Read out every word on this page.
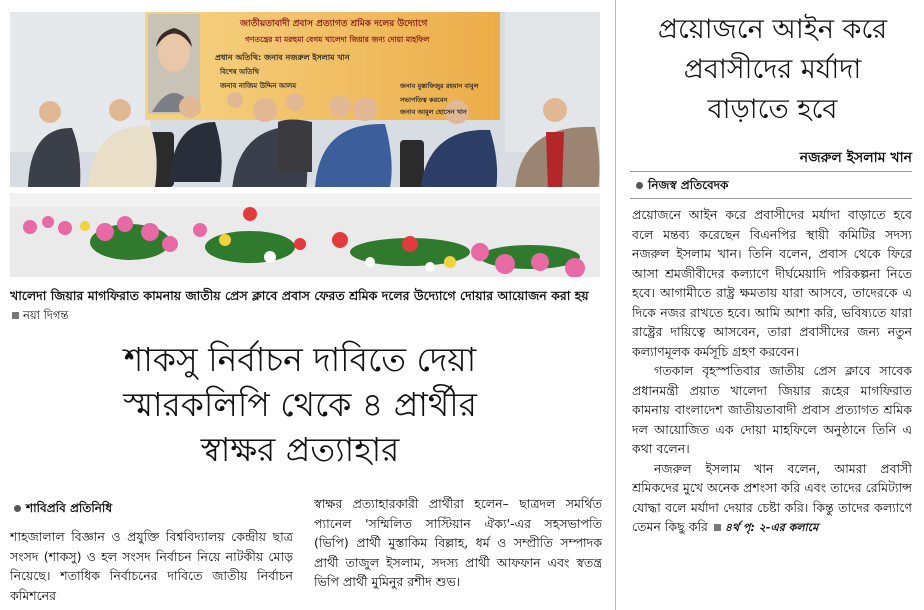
জাতীয়তাবাদী প্রবাস প্রত্যাগত শ্রমিক দলের উদ্যোগে
গণতন্ত্রের মা মরহুমা বেগম খালেদা জিয়ার জন্য দোয়া মাহফিল
প্রধান অতিথি: জনাব নজরুল ইসলাম খান
বিশেষ অতিথি
জনাব নাজিম উদ্দিন আলম	জনাব মুস্তাফিজুর রহমান বাবুল
সভাপতিত্ব করবেন
জনাব আবুল হোসেন খান
খালেদা জিয়ার মাগফিরাত কামনায় জাতীয় প্রেস ক্লাবে প্রবাস ফেরত শ্রমিক দলের উদ্যোগে দোয়ার আয়োজন করা হয় নয়া দিগন্ত
শাকসু নির্বাচন দাবিতে দেয়া
স্মারকলিপি থেকে ৪ প্রার্থীর
স্বাক্ষর প্রত্যাহার
শাবিপ্রবি প্রতিনিধি

শাহজালাল বিজ্ঞান ও প্রযুক্তি বিশ্ববিদ্যালয় কেন্দ্রীয় ছাত্র সংসদ (শাকসু) ও হল সংসদ নির্বাচন নিয়ে নাটকীয় মোড় নিয়েছে। শতাধিক নির্বাচনের দাবিতে জাতীয় নির্বাচন কমিশনের

স্বাক্ষর প্রত্যাহারকারী প্রার্থীরা হলেন– ছাত্রদল সমর্থিত প্যানেল 'সম্মিলিত সাস্টিয়ান ঐক্য'-এর সহসভাপতি (ভিপি) প্রার্থী মুস্তাকিম বিল্লাহ, ধর্ম ও সম্প্রীতি সম্পাদক প্রার্থী তাজুল ইসলাম, সদস্য প্রার্থী আফফান এবং স্বতন্ত্র ভিপি প্রার্থী মুমিনুর রশীদ শুভ।

প্রয়োজনে আইন করে
প্রবাসীদের মর্যাদা
বাড়াতে হবে
নজরুল ইসলাম খান
নিজস্ব প্রতিবেদক

প্রয়োজনে আইন করে প্রবাসীদের মর্যাদা বাড়াতে হবে বলে মন্তব্য করেছেন বিএনপির স্থায়ী কমিটির সদস্য নজরুল ইসলাম খান। তিনি বলেন, প্রবাস থেকে ফিরে আসা শ্রমজীবীদের কল্যাণে দীর্ঘমেয়াদি পরিকল্পনা নিতে হবে। আগামীতে রাষ্ট্র ক্ষমতায় যারা আসবে, তাদেরকে এ দিকে নজর রাখতে হবে। আমি আশা করি, ভবিষ্যতে যারা রাষ্ট্রের দায়িত্বে আসবেন, তারা প্রবাসীদের জন্য নতুন কল্যাণমূলক কর্মসূচি গ্রহণ করবেন।

গতকাল বৃহস্পতিবার জাতীয় প্রেস ক্লাবে সাবেক প্রধানমন্ত্রী প্রয়াত খালেদা জিয়ার রূহের মাগফিরাত কামনায় বাংলাদেশ জাতীয়তাবাদী প্রবাস প্রত্যাগত শ্রমিক দল আয়োজিত এক দোয়া মাহফিলে অনুষ্ঠানে তিনি এ কথা বলেন।

নজরুল ইসলাম খান বলেন, আমরা প্রবাসী শ্রমিকদের মুখে অনেক প্রশংসা করি এবং তাদের রেমিট্যান্স যোদ্ধা বলে মর্যাদা দেয়ার চেষ্টা করি। কিন্তু তাদের কল্যাণে তেমন কিছু করি ৪র্থ পৃ: ২-এর কলামে
